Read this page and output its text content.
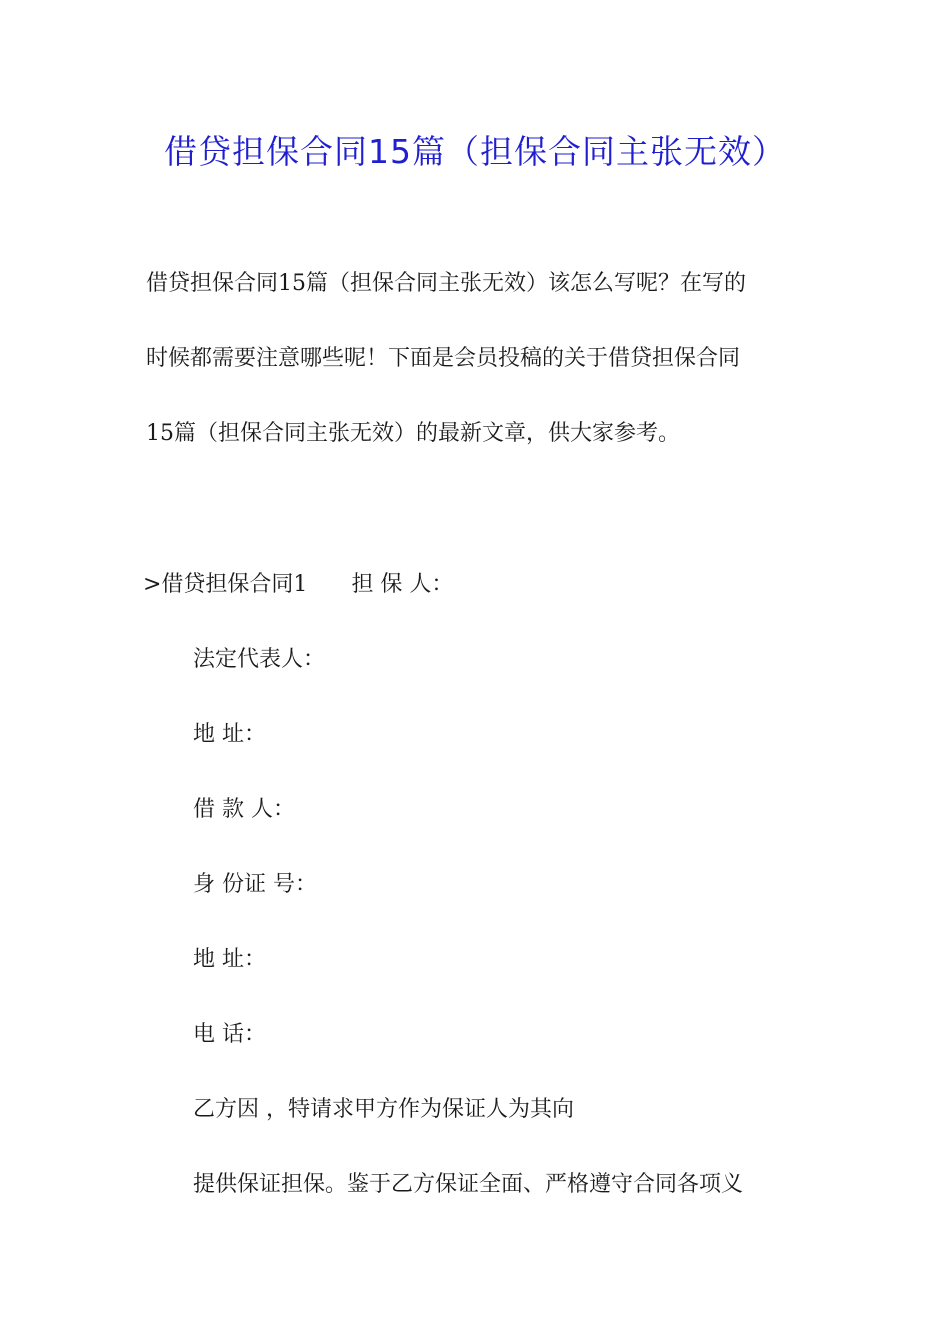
借贷担保合同15篇（担保合同主张无效）
借贷担保合同15篇（担保合同主张无效）该怎么写呢？在写的
时候都需要注意哪些呢！下面是会员投稿的关于借贷担保合同
15篇（担保合同主张无效）的最新文章，供大家参考。
>借贷担保合同1 担 保 人：
法定代表人：
地 址：
借 款 人：
身 份证 号：
地 址：
电 话：
乙方因 ，特请求甲方作为保证人为其向
提供保证担保。鉴于乙方保证全面、严格遵守合同各项义
